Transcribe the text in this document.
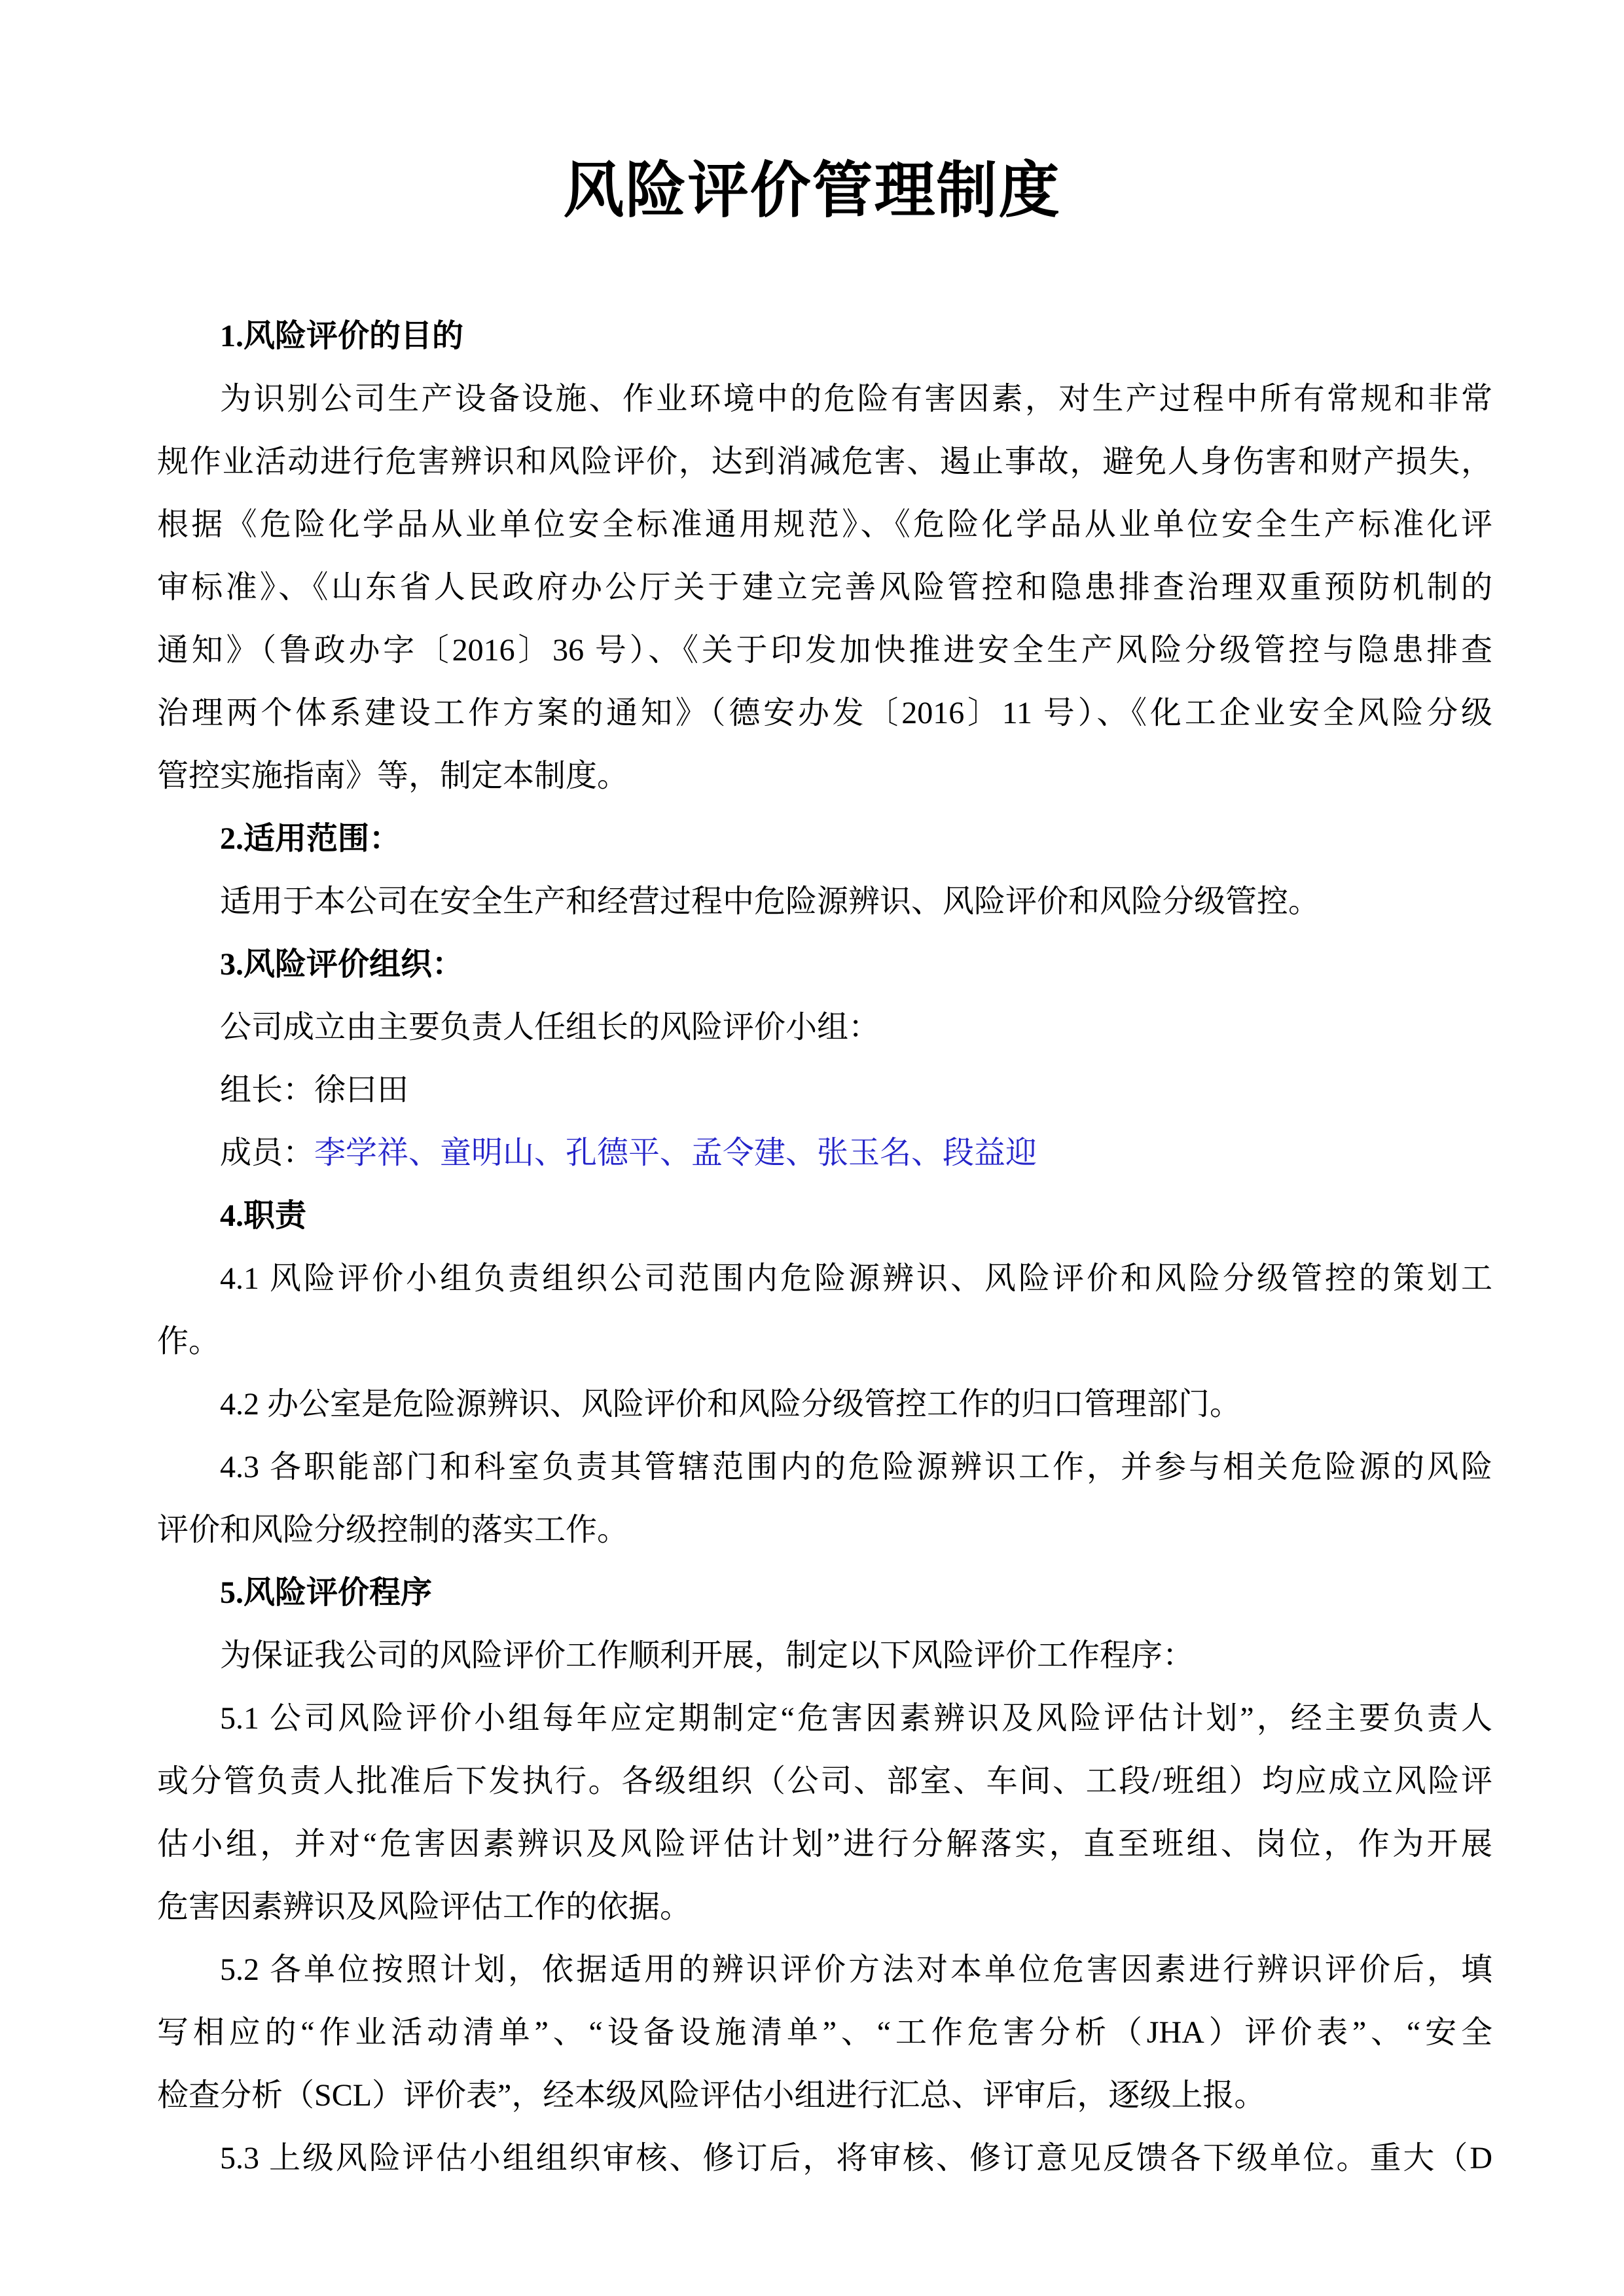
风险评价管理制度
1.风险评价的目的
为识别公司生产设备设施、作业环境中的危险有害因素，对生产过程中所有常规和非常
规作业活动进行危害辨识和风险评价，达到消减危害、遏止事故，避免人身伤害和财产损失，
根据《危险化学品从业单位安全标准通用规范》、《危险化学品从业单位安全生产标准化评
审标准》、《山东省人民政府办公厅关于建立完善风险管控和隐患排查治理双重预防机制的
通知》（鲁政办字〔2016〕36 号）、《关于印发加快推进安全生产风险分级管控与隐患排查
治理两个体系建设工作方案的通知》（德安办发〔2016〕11 号）、《化工企业安全风险分级
管控实施指南》等，制定本制度。
2.适用范围：
适用于本公司在安全生产和经营过程中危险源辨识、风险评价和风险分级管控。
3.风险评价组织：
公司成立由主要负责人任组长的风险评价小组：
组长：徐曰田
成员：李学祥、童明山、孔德平、孟令建、张玉名、段益迎
4.职责
4.1 风险评价小组负责组织公司范围内危险源辨识、风险评价和风险分级管控的策划工
作。
4.2 办公室是危险源辨识、风险评价和风险分级管控工作的归口管理部门。
4.3 各职能部门和科室负责其管辖范围内的危险源辨识工作，并参与相关危险源的风险
评价和风险分级控制的落实工作。
5.风险评价程序
为保证我公司的风险评价工作顺利开展，制定以下风险评价工作程序：
5.1 公司风险评价小组每年应定期制定“危害因素辨识及风险评估计划”，经主要负责人
或分管负责人批准后下发执行。各级组织（公司、部室、车间、工段/班组）均应成立风险评
估小组，并对“危害因素辨识及风险评估计划”进行分解落实，直至班组、岗位，作为开展
危害因素辨识及风险评估工作的依据。
5.2 各单位按照计划，依据适用的辨识评价方法对本单位危害因素进行辨识评价后，填
写相应的“作业活动清单”、“设备设施清单”、“工作危害分析（JHA）评价表”、“安全
检查分析（SCL）评价表”，经本级风险评估小组进行汇总、评审后，逐级上报。
5.3 上级风险评估小组组织审核、修订后，将审核、修订意见反馈各下级单位。重大（D
